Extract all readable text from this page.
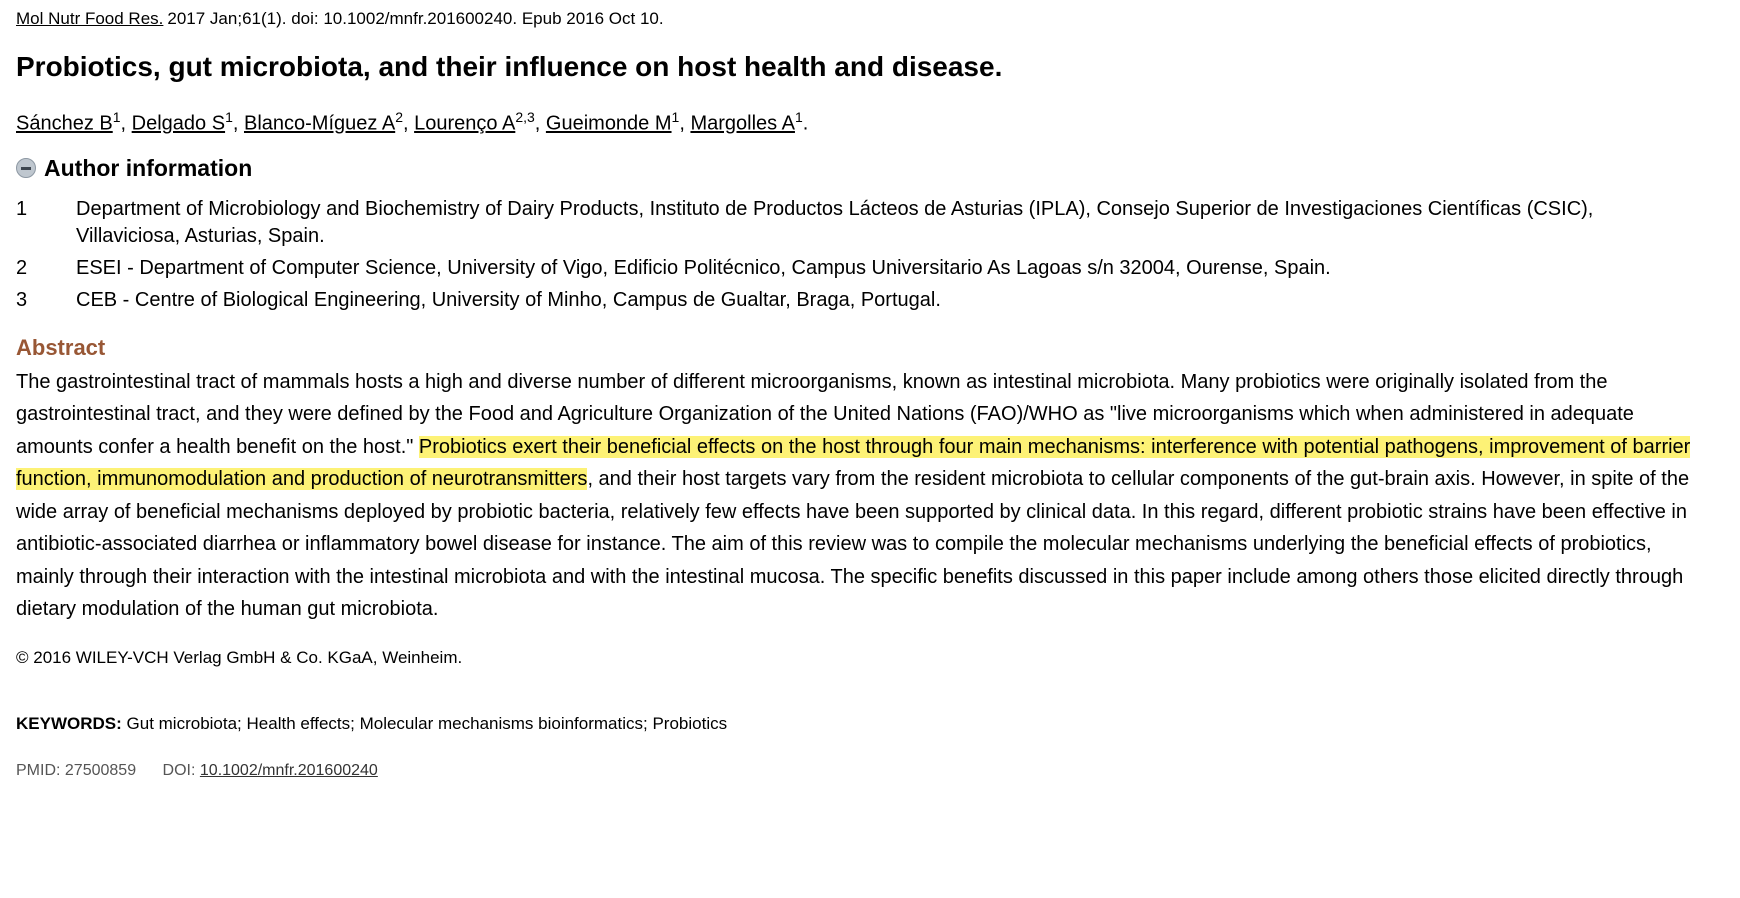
Mol Nutr Food Res. 2017 Jan;61(1). doi: 10.1002/mnfr.201600240. Epub 2016 Oct 10.
Probiotics, gut microbiota, and their influence on host health and disease.
Sánchez $B^1$, Delgado $S^1$, Blanco-Míguez $A^2$, Lourenço A$^{2,3}$, Gueimonde $M^1$, Margolles $A^1$.
Author information
1	Department of Microbiology and Biochemistry of Dairy Products, Instituto de Productos Lácteos de Asturias (IPLA), Consejo Superior de Investigaciones Científicas (CSIC), Villaviciosa, Asturias, Spain.
2	ESEI - Department of Computer Science, University of Vigo, Edificio Politécnico, Campus Universitario As Lagoas s/n 32004, Ourense, Spain.
3	CEB - Centre of Biological Engineering, University of Minho, Campus de Gualtar, Braga, Portugal.
Abstract
The gastrointestinal tract of mammals hosts a high and diverse number of different microorganisms, known as intestinal microbiota. Many probiotics were originally isolated from the gastrointestinal tract, and they were defined by the Food and Agriculture Organization of the United Nations (FAO)/WHO as "live microorganisms which when administered in adequate amounts confer a health benefit on the host." Probiotics exert their beneficial effects on the host through four main mechanisms: interference with potential pathogens, improvement of barrier function, immunomodulation and production of neurotransmitters, and their host targets vary from the resident microbiota to cellular components of the gut-brain axis. However, in spite of the wide array of beneficial mechanisms deployed by probiotic bacteria, relatively few effects have been supported by clinical data. In this regard, different probiotic strains have been effective in antibiotic-associated diarrhea or inflammatory bowel disease for instance. The aim of this review was to compile the molecular mechanisms underlying the beneficial effects of probiotics, mainly through their interaction with the intestinal microbiota and with the intestinal mucosa. The specific benefits discussed in this paper include among others those elicited directly through dietary modulation of the human gut microbiota.
© 2016 WILEY-VCH Verlag GmbH & Co. KGaA, Weinheim.
KEYWORDS: Gut microbiota; Health effects; Molecular mechanisms bioinformatics; Probiotics
PMID: 27500859 DOI: 10.1002/mnfr.201600240
